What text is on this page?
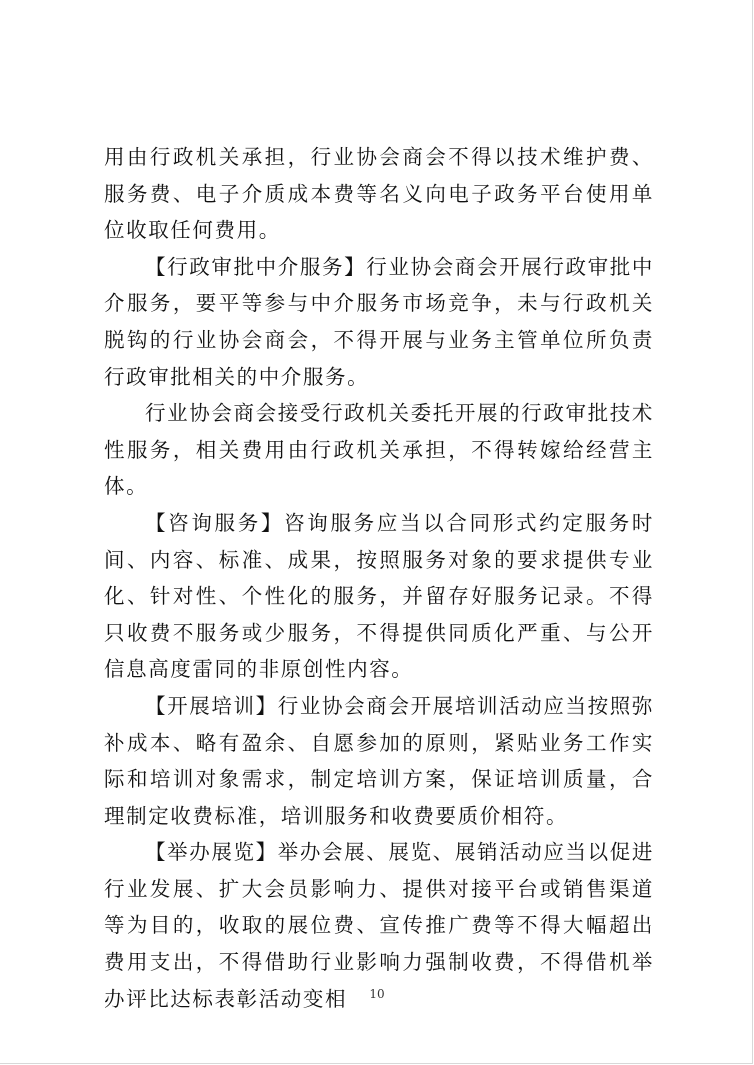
用由行政机关承担，行业协会商会不得以技术维护费、服务费、电子介质成本费等名义向电子政务平台使用单位收取任何费用。

【行政审批中介服务】行业协会商会开展行政审批中介服务，要平等参与中介服务市场竞争，未与行政机关脱钩的行业协会商会，不得开展与业务主管单位所负责行政审批相关的中介服务。

行业协会商会接受行政机关委托开展的行政审批技术性服务，相关费用由行政机关承担，不得转嫁给经营主体。

【咨询服务】咨询服务应当以合同形式约定服务时间、内容、标准、成果，按照服务对象的要求提供专业化、针对性、个性化的服务，并留存好服务记录。不得只收费不服务或少服务，不得提供同质化严重、与公开信息高度雷同的非原创性内容。

【开展培训】行业协会商会开展培训活动应当按照弥补成本、略有盈余、自愿参加的原则，紧贴业务工作实际和培训对象需求，制定培训方案，保证培训质量，合理制定收费标准，培训服务和收费要质价相符。

【举办展览】举办会展、展览、展销活动应当以促进行业发展、扩大会员影响力、提供对接平台或销售渠道等为目的，收取的展位费、宣传推广费等不得大幅超出费用支出，不得借助行业影响力强制收费，不得借机举办评比达标表彰活动变相	10
